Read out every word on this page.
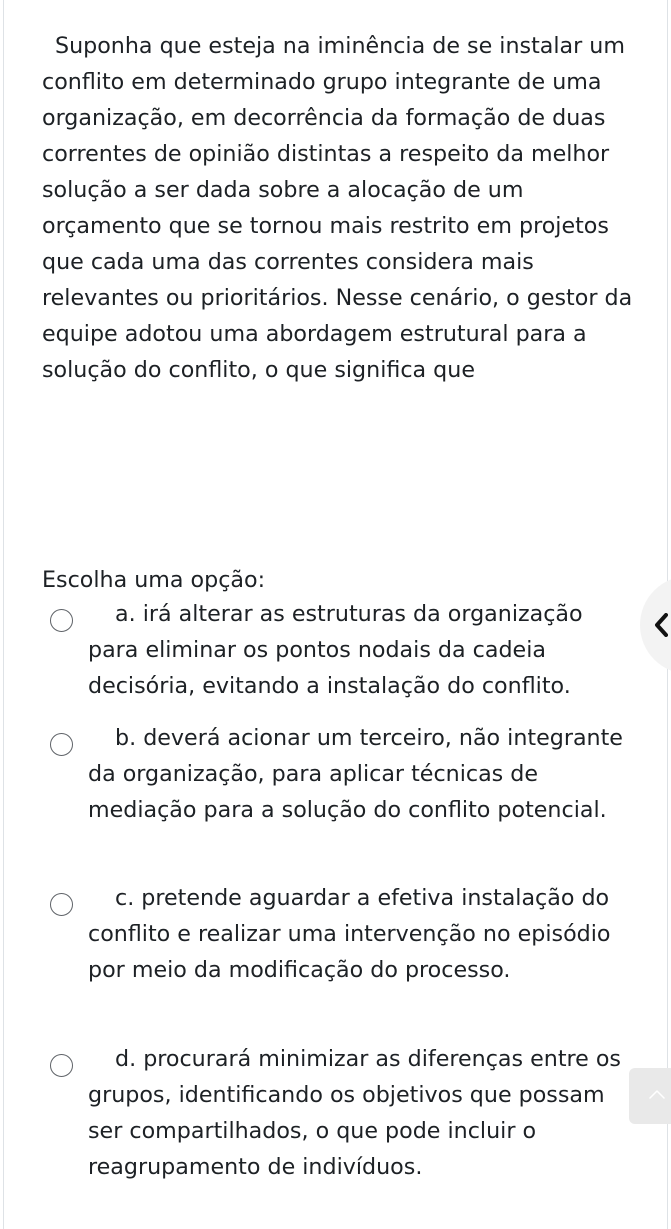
Suponha que esteja na iminência de se instalar um conflito em determinado grupo integrante de uma organização, em decorrência da formação de duas correntes de opinião distintas a respeito da melhor solução a ser dada sobre a alocação de um orçamento que se tornou mais restrito em projetos que cada uma das correntes considera mais relevantes ou prioritários. Nesse cenário, o gestor da equipe adotou uma abordagem estrutural para a solução do conflito, o que significa que

Escolha uma opção:

a. irá alterar as estruturas da organização para eliminar os pontos nodais da cadeia decisória, evitando a instalação do conflito.

b. deverá acionar um terceiro, não integrante da organização, para aplicar técnicas de mediação para a solução do conflito potencial.

c. pretende aguardar a efetiva instalação do conflito e realizar uma intervenção no episódio por meio da modificação do processo.

d. procurará minimizar as diferenças entre os grupos, identificando os objetivos que possam ser compartilhados, o que pode incluir o reagrupamento de indivíduos.
